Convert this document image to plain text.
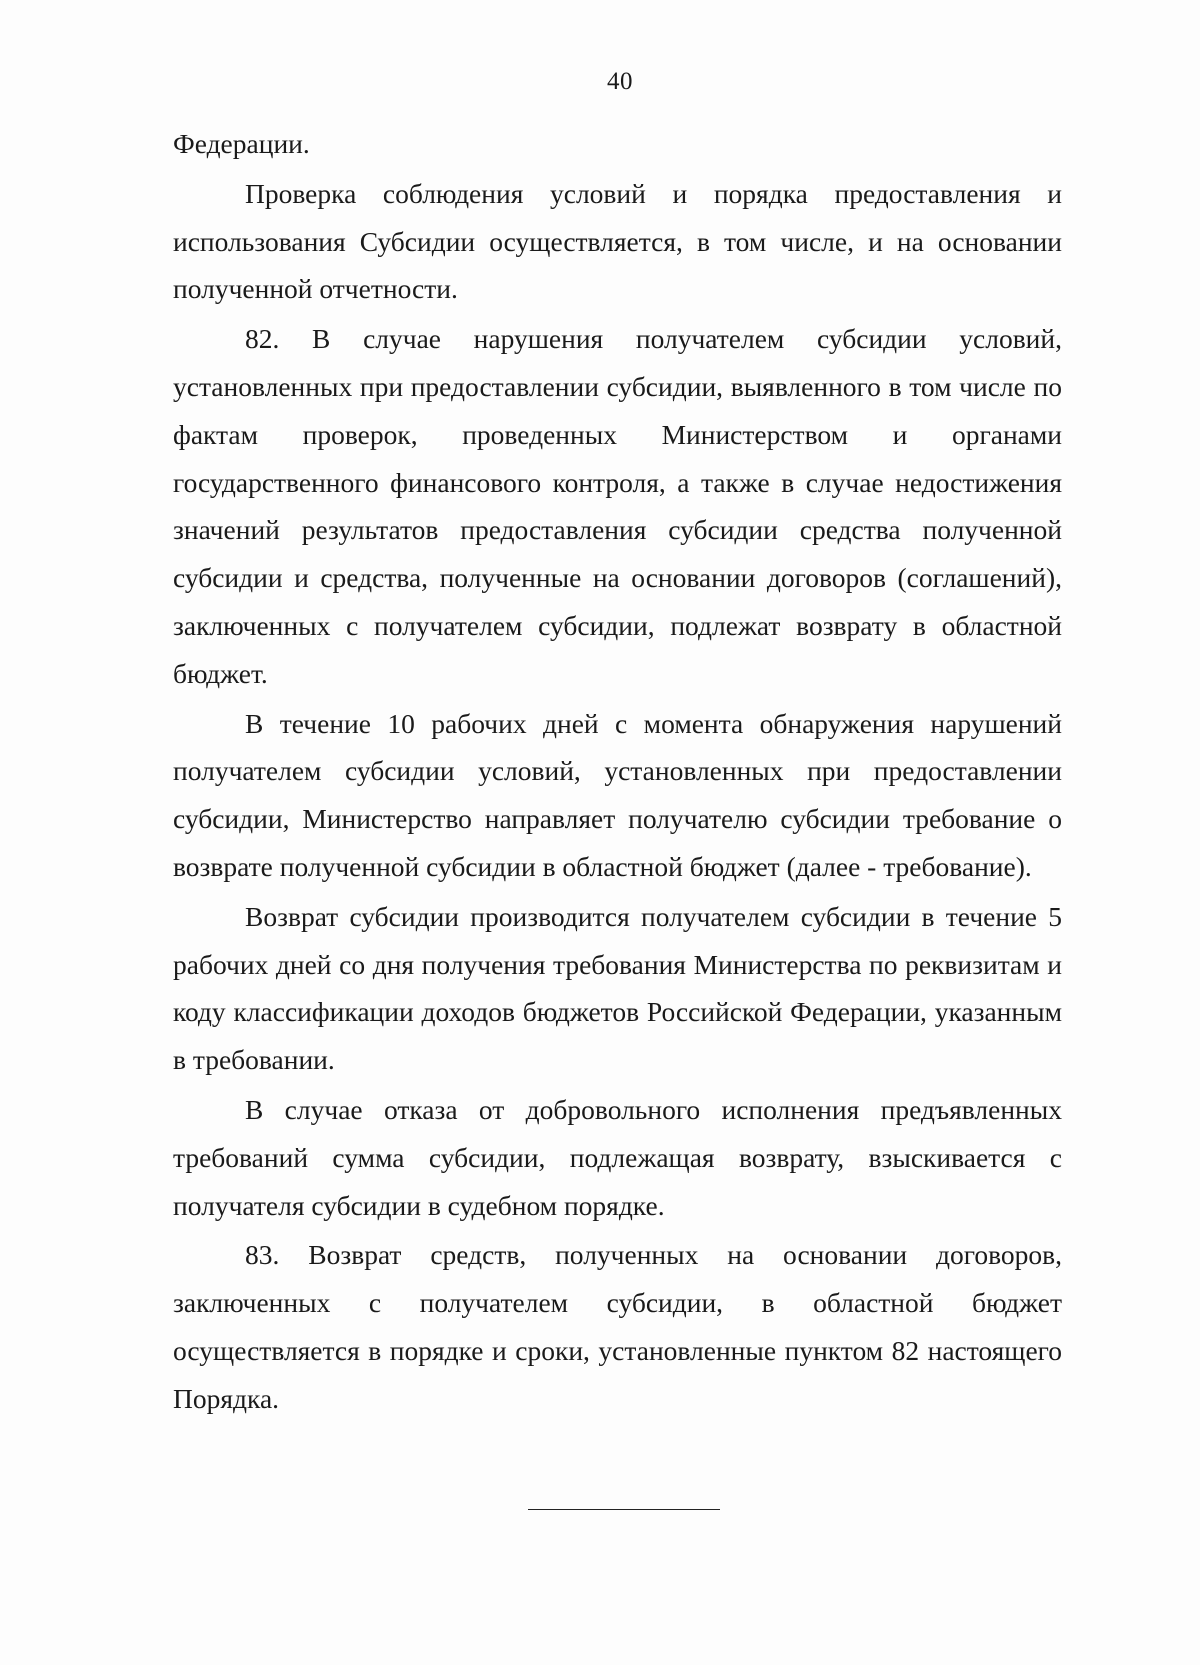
40

Федерации.

Проверка соблюдения условий и порядка предоставления и использования Субсидии осуществляется, в том числе, и на основании полученной отчетности.

82. В случае нарушения получателем субсидии условий, установленных при предоставлении субсидии, выявленного в том числе по фактам проверок, проведенных Министерством и органами государственного финансового контроля, а также в случае недостижения значений результатов предоставления субсидии средства полученной субсидии и средства, полученные на основании договоров (соглашений), заключенных с получателем субсидии, подлежат возврату в областной бюджет.

В течение 10 рабочих дней с момента обнаружения нарушений получателем субсидии условий, установленных при предоставлении субсидии, Министерство направляет получателю субсидии требование о возврате полученной субсидии в областной бюджет (далее - требование).

Возврат субсидии производится получателем субсидии в течение 5 рабочих дней со дня получения требования Министерства по реквизитам и коду классификации доходов бюджетов Российской Федерации, указанным в требовании.

В случае отказа от добровольного исполнения предъявленных требований сумма субсидии, подлежащая возврату, взыскивается с получателя субсидии в судебном порядке.

83. Возврат средств, полученных на основании договоров, заключенных с получателем субсидии, в областной бюджет осуществляется в порядке и сроки, установленные пунктом 82 настоящего Порядка.
